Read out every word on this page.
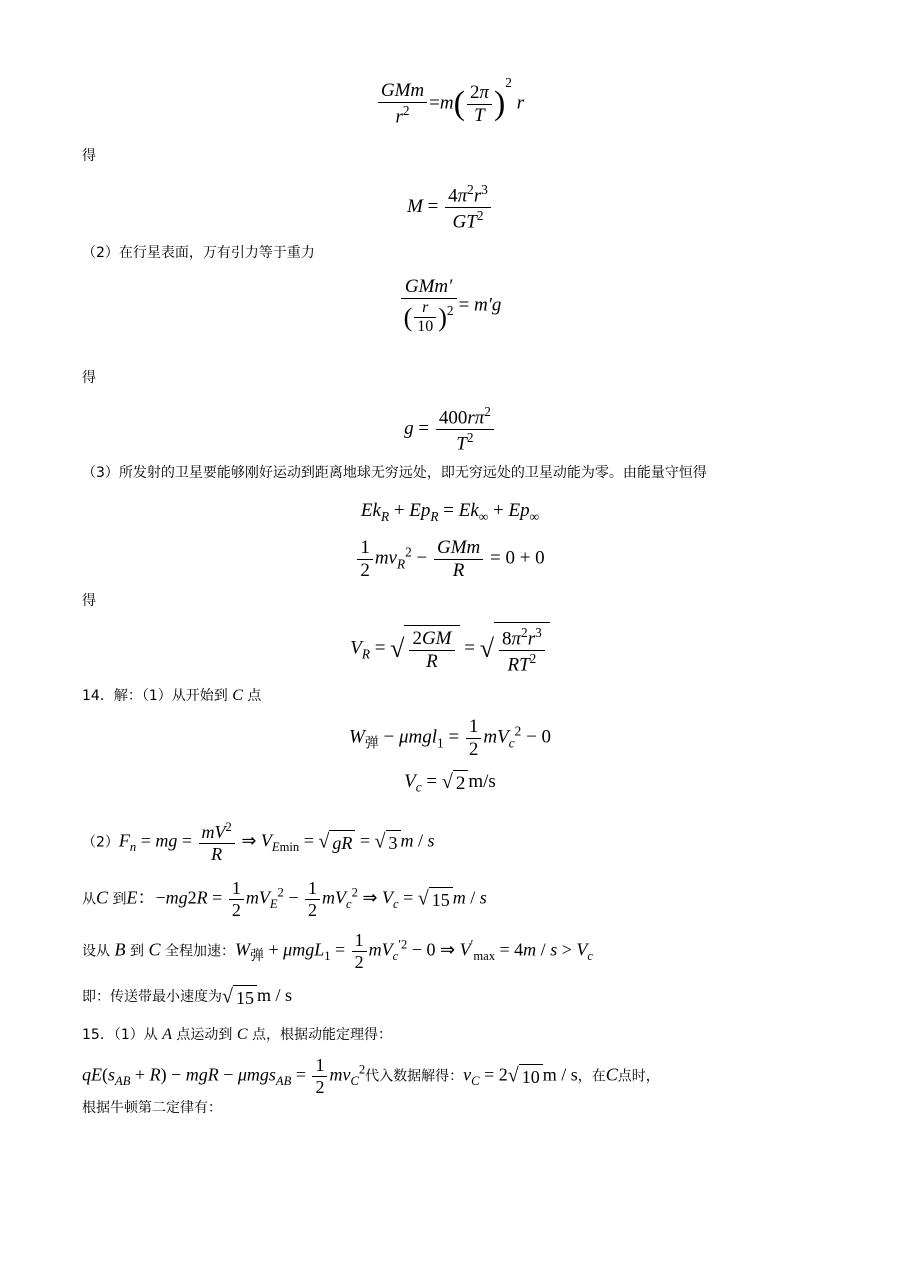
$\frac{\text{GMm}}{r^2} =m( \frac{2\pi}{T} )^2$ r
得
$M = \frac{4\pi^2r^3}{GT^2}$
（2）在行星表面，万有引力等于重力
$\frac{\text{GMm′}}{( \frac{r}{10} )^2} = m'g$
得
$g = \frac{400r\pi^2}{T^2}$
（3）所发射的卫星要能够刚好运动到距离地球无穷远处，即无穷远处的卫星动能为零。由能量守恒得
$Ek_R + Ep_R = Ek_\infty + Ep_\infty$
$\frac{1}{2} mv_R^2 - \frac{\text{GMm}}{R} = 0 + 0$
得
$V_R$ = √ $\frac{2GM}{R}$ = √ $\frac{8\pi^2r^3}{RT^2}$
14．解：（1）从开始到 C 点
$W_弹 - \mu mgl_1 = \frac{1}{2} mV_c^2 - 0$
$V_c$ = √ 2 m/s
$(2)F_n$ = mg = $\frac{mV^2}{R}$ ⇒ $V_{Emin}$ = √ gR = √ 3 m / s
从C 到E：$-mg2R = \frac{1}{2} mV_E^2 - \frac{1}{2} mV_c^2$ ⇒ $V_c$ = √ 15 m / s
设从 B 到 C 全程加速：$W_弹 + \mu mgL_1 = \frac{1}{2} mV_c^{'2} - 0$ ⇒ $V'_{max} = 4m / s > V_c$
即：传送带最小速度为√ 15 m / s
15．（1）从 A 点运动到 C 点，根据动能定理得：
$qE(s_{AB} + R)$ − mgR − $\mu mgs_{AB} = \frac{1}{2} mv_C^2$代入数据解得：$v_C = 2√$ 10 m / s，在C点时，
根据牛顿第二定律有：
